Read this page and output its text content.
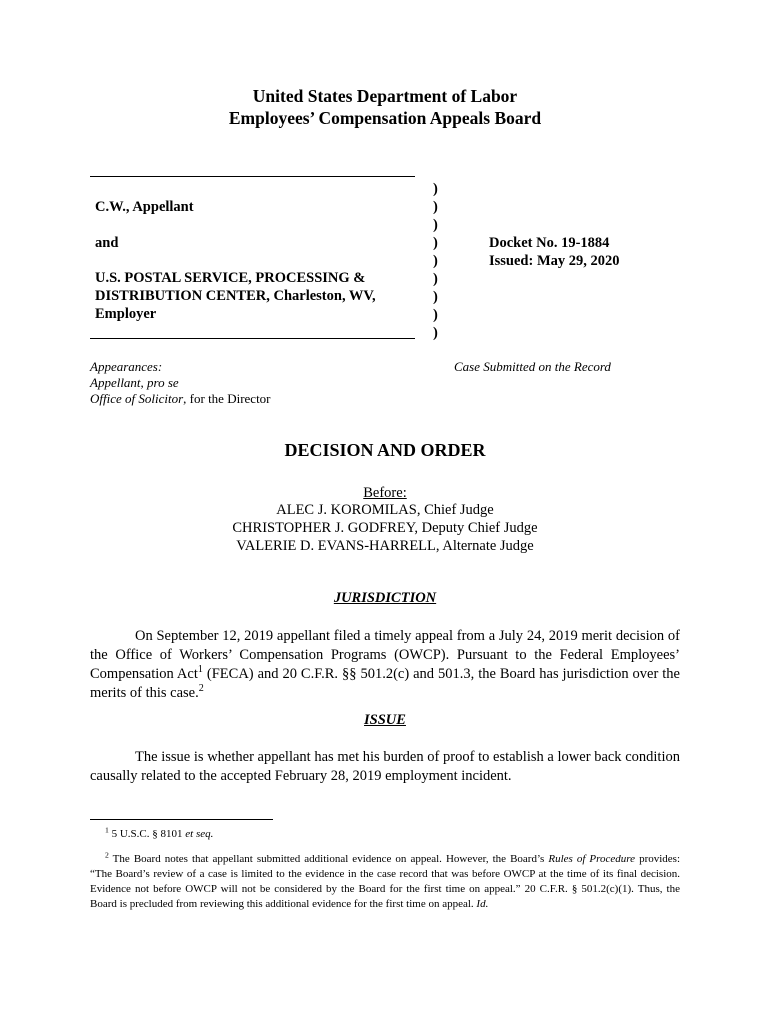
United States Department of Labor
Employees’ Compensation Appeals Board
C.W., Appellant
and
U.S. POSTAL SERVICE, PROCESSING &
DISTRIBUTION CENTER, Charleston, WV,
Employer
)
)
)
)
)
)
)
)
)
Docket No. 19-1884
Issued: May 29, 2020
Appearances:
Appellant, pro se
Office of Solicitor, for the Director
Case Submitted on the Record
DECISION AND ORDER
Before:
ALEC J. KOROMILAS, Chief Judge
CHRISTOPHER J. GODFREY, Deputy Chief Judge
VALERIE D. EVANS-HARRELL, Alternate Judge
JURISDICTION
On September 12, 2019 appellant filed a timely appeal from a July 24, 2019 merit decision of the Office of Workers’ Compensation Programs (OWCP). Pursuant to the Federal Employees’ Compensation Act$^1$ (FECA) and 20 C.F.R. §§ 501.2(c) and 501.3, the Board has jurisdiction over the merits of this case.$^2$
ISSUE
The issue is whether appellant has met his burden of proof to establish a lower back condition causally related to the accepted February 28, 2019 employment incident.
$^1$ 5 U.S.C. § 8101 et seq.
$^2$ The Board notes that appellant submitted additional evidence on appeal. However, the Board’s Rules of Procedure provides: “The Board’s review of a case is limited to the evidence in the case record that was before OWCP at the time of its final decision. Evidence not before OWCP will not be considered by the Board for the first time on appeal.” 20 C.F.R. § 501.2(c)(1). Thus, the Board is precluded from reviewing this additional evidence for the first time on appeal. Id.
